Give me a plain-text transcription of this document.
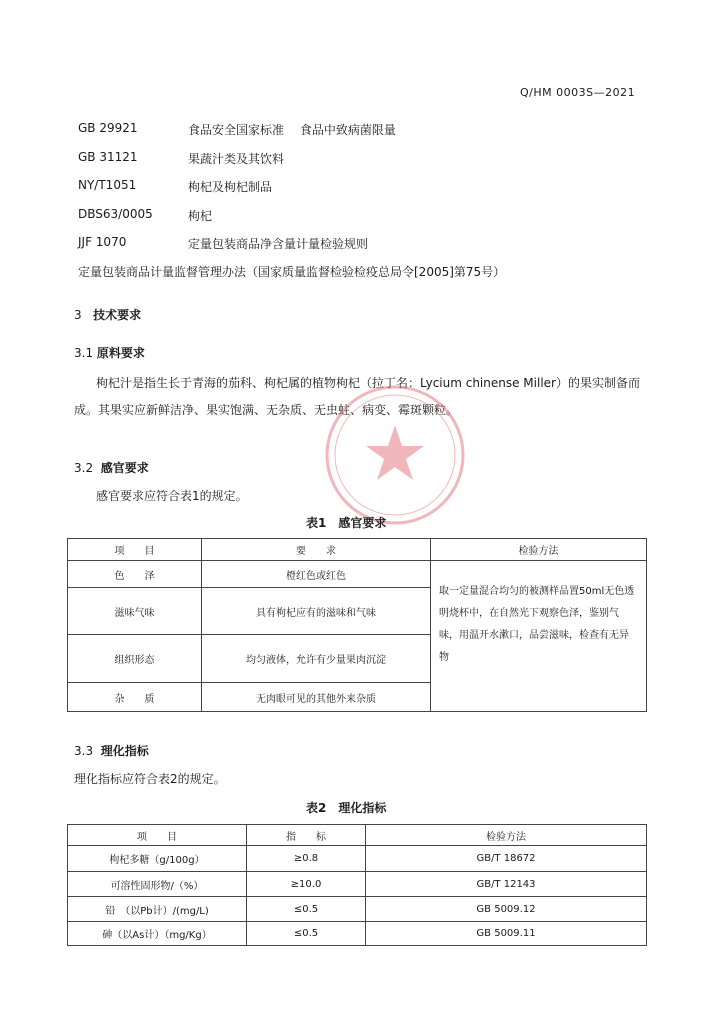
Q/HM 0003S—2021
GB 29921	食品安全国家标准　 食品中致病菌限量
GB 31121	果蔬汁类及其饮料
NY/T1051	枸杞及枸杞制品
DBS63/0005	枸杞
JJF 1070	定量包装商品净含量计量检验规则
定量包装商品计量监督管理办法（国家质量监督检验检疫总局令[2005]第75号）
3 技术要求
3.1 原料要求
枸杞汁是指生长于青海的茄科、枸杞属的植物枸杞（拉丁名：Lycium chinense Miller）的果实制备而成。其果实应新鲜洁净、果实饱满、无杂质、无虫蛀、病变、霉斑颗粒。
3.2 感官要求
感官要求应符合表1的规定。
表1　感官要求
项　　目	要　　求	检验方法
色　　泽	橙红色或红色	取一定量混合均匀的被测样品置50ml无色透明烧杯中，在自然光下观察色泽，鉴别气味，用温开水漱口，品尝滋味，检查有无异物
滋味气味	具有枸杞应有的滋味和气味	
组织形态	均匀液体，允许有少量果肉沉淀	
杂　　质	无肉眼可见的其他外来杂质	
3.3 理化指标
理化指标应符合表2的规定。
表2　理化指标
项　　目	指　　标	检验方法
枸杞多糖（g/100g）	≥0.8	GB/T 18672
可溶性固形物/（%）	≥10.0	GB/T 12143
铅　（以Pb计）/(mg/L)	≤0.5	GB 5009.12
砷（以As计）（mg/Kg）	≤0.5	GB 5009.11
